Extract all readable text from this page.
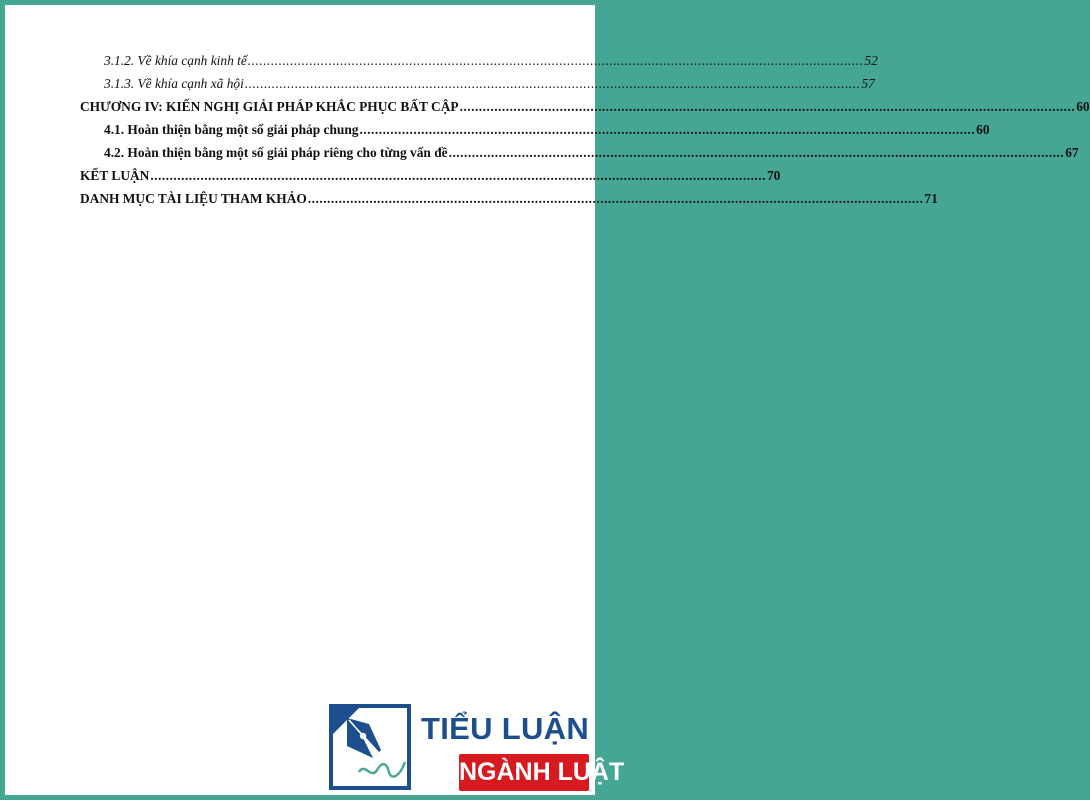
3.1.2. Về khía cạnh kinh tế ................................................................................................................................................................ 52
3.1.3. Về khía cạnh xã hội ................................................................................................................................................................ 57
CHƯƠNG IV: KIẾN NGHỊ GIẢI PHÁP KHẮC PHỤC BẤT CẬP ................................................................................................................................................................ 60
4.1. Hoàn thiện bằng một số giải pháp chung ................................................................................................................................................................ 60
4.2. Hoàn thiện bằng một số giải pháp riêng cho từng vấn đề ................................................................................................................................................................ 67
KẾT LUẬN ................................................................................................................................................................ 70
DANH MỤC TÀI LIỆU THAM KHẢO ................................................................................................................................................................ 71
TIỂU LUẬN
NGÀNH LUẬT
